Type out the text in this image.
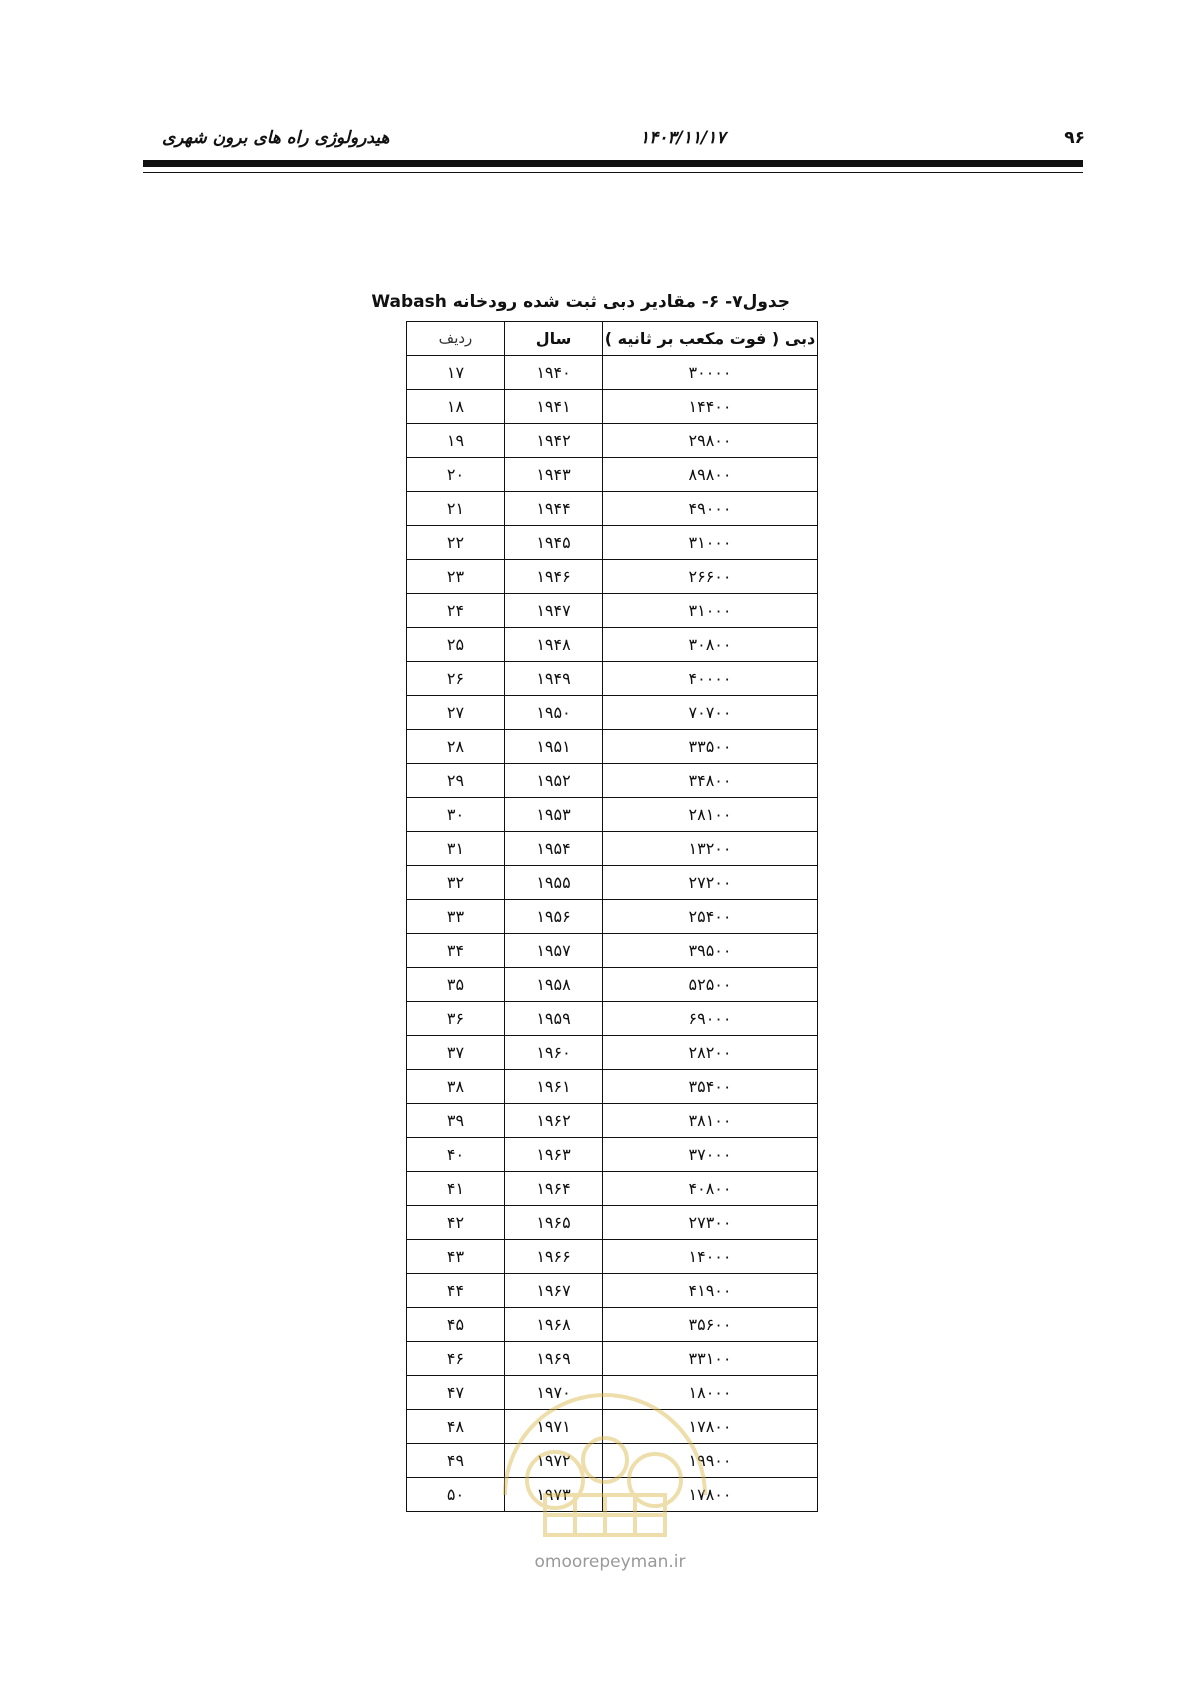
هیدرولوژی راه های برون شهری	۱۴۰۳/۱۱/۱۷	۹۶
جدول۷- ۶- مقادیر دبی ثبت شده رودخانه Wabash
دبی ( فوت مکعب بر ثانیه )	سال	ردیف
۳۰۰۰۰	۱۹۴۰	۱۷
۱۴۴۰۰	۱۹۴۱	۱۸
۲۹۸۰۰	۱۹۴۲	۱۹
۸۹۸۰۰	۱۹۴۳	۲۰
۴۹۰۰۰	۱۹۴۴	۲۱
۳۱۰۰۰	۱۹۴۵	۲۲
۲۶۶۰۰	۱۹۴۶	۲۳
۳۱۰۰۰	۱۹۴۷	۲۴
۳۰۸۰۰	۱۹۴۸	۲۵
۴۰۰۰۰	۱۹۴۹	۲۶
۷۰۷۰۰	۱۹۵۰	۲۷
۳۳۵۰۰	۱۹۵۱	۲۸
۳۴۸۰۰	۱۹۵۲	۲۹
۲۸۱۰۰	۱۹۵۳	۳۰
۱۳۲۰۰	۱۹۵۴	۳۱
۲۷۲۰۰	۱۹۵۵	۳۲
۲۵۴۰۰	۱۹۵۶	۳۳
۳۹۵۰۰	۱۹۵۷	۳۴
۵۲۵۰۰	۱۹۵۸	۳۵
۶۹۰۰۰	۱۹۵۹	۳۶
۲۸۲۰۰	۱۹۶۰	۳۷
۳۵۴۰۰	۱۹۶۱	۳۸
۳۸۱۰۰	۱۹۶۲	۳۹
۳۷۰۰۰	۱۹۶۳	۴۰
۴۰۸۰۰	۱۹۶۴	۴۱
۲۷۳۰۰	۱۹۶۵	۴۲
۱۴۰۰۰	۱۹۶۶	۴۳
۴۱۹۰۰	۱۹۶۷	۴۴
۳۵۶۰۰	۱۹۶۸	۴۵
۳۳۱۰۰	۱۹۶۹	۴۶
۱۸۰۰۰	۱۹۷۰	۴۷
۱۷۸۰۰	۱۹۷۱	۴۸
۱۹۹۰۰	۱۹۷۲	۴۹
۱۷۸۰۰	۱۹۷۳	۵۰
omoorepeyman.ir
